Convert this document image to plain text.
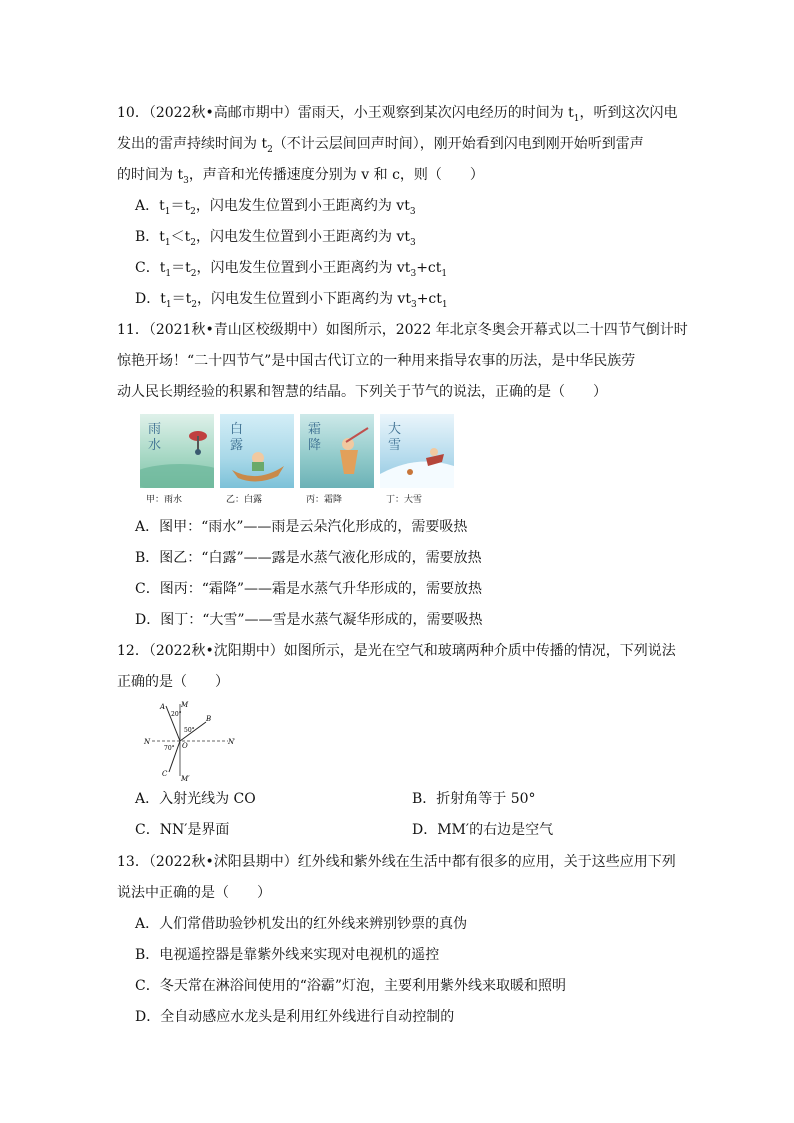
10．（2022秋•高邮市期中）雷雨天，小王观察到某次闪电经历的时间为 $t_1$，听到这次闪电
发出的雷声持续时间为 $t_2$（不计云层间回声时间），刚开始看到闪电到刚开始听到雷声
的时间为 $t_3$，声音和光传播速度分别为 v 和 c，则（　　）
A．$t_1=t_2$，闪电发生位置到小王距离约为 $vt_3$
B．$t_1<t_2$，闪电发生位置到小王距离约为 $vt_3$
C．$t_1=t_2$，闪电发生位置到小王距离约为 $vt_3+ct_1$
D．$t_1=t_2$，闪电发生位置到小下距离约为 $vt_3+ct_1$
11．（2021秋•青山区校级期中）如图所示，2022 年北京冬奥会开幕式以二十四节气倒计时
惊艳开场！“二十四节气”是中国古代订立的一种用来指导农事的历法，是中华民族劳
动人民长期经验的积累和智慧的结晶。下列关于节气的说法，正确的是（　　）
雨水
白露
霜降
大雪
甲：雨水	乙：白露	丙：霜降	丁：大雪
A．图甲：“雨水”——雨是云朵汽化形成的，需要吸热
B．图乙：“白露”——露是水蒸气液化形成的，需要放热
C．图丙：“霜降”——霜是水蒸气升华形成的，需要放热
D．图丁：“大雪”——雪是水蒸气凝华形成的，需要吸热
12．（2022秋•沈阳期中）如图所示，是光在空气和玻璃两种介质中传播的情况，下列说法
正确的是（　　）
A M
20°
B
50°
N	N′
O
70°
C
M′
A．入射光线为 CO	B．折射角等于 50°
C．NN′是界面	D．MM′的右边是空气
13．（2022秋•沭阳县期中）红外线和紫外线在生活中都有很多的应用，关于这些应用下列
说法中正确的是（　　）
A．人们常借助验钞机发出的红外线来辨别钞票的真伪
B．电视遥控器是靠紫外线来实现对电视机的遥控
C．冬天常在淋浴间使用的“浴霸”灯泡，主要利用紫外线来取暖和照明
D．全自动感应水龙头是利用红外线进行自动控制的
